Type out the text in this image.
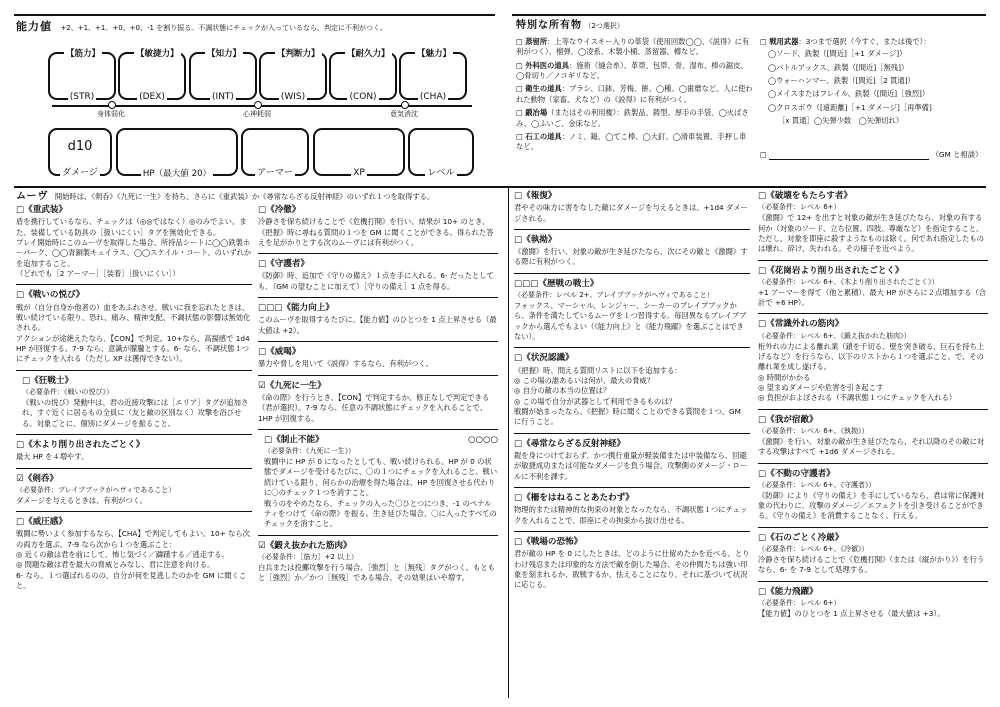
能力値 +2、+1、+1、+0、+0、-1 を割り振る。不調状態にチェックが入っているなら、判定に不利がつく。
【筋力】
(STR)
【敏捷力】
(DEX)
【知力】
(INT)
【判断力】
(WIS)
【耐久力】
(CON)
【魅力】
(CHA)
身体弱化	心神耗弱	意気消沈
d10
ダメージ	HP（最大値 20）	アーマー	XP	レベル
特別な所有物 （2つ選択）
□ 蒸留所：上等なウイスキー入りの革袋（使用回数◯◯、《説得》に有利がつく）、榴弾、◯凌系、木製小桶、蒸留器、樽など。
□ 外科医の道具：施術（縫合糸）、革帯、包帯、骨、湿布、棒の鋸皮、◯骨切り／ノコギリなど。
□ 衛生の道具：ブラシ、口鉢、芳梅、餅、◯種、◯歯磨など。人に使われた動物（家畜、犬など）の《説得》に有利がつく。
□ 鍛冶場（またはその利用権）：鉄製品、鋳型、厚手の手袋、◯火ばさみ、◯ふいご、金床など。
□ 石工の道具：ノミ、鎚、◯てこ棒、◯大釘、◯滑車装置、手押し車など。
□ 戦用武器：3つまで選択（今すぐ、または後で）：
◯ソード、鉄製（[間近]［+1 ダメージ]）
◯バトルアックス、鉄製（[間近]［無残]）
◯ウォーハンマー、鉄製（[間近]［2 貫通]）
◯メイスまたはフレイル、鉄製（[間近]［強烈]）
◯クロスボウ（[遠距離]［+1 ダメージ]［再準備]
［x 貫通］◯矢弾少数　◯矢弾切れ）
□	（GM と相談）
ムーヴ 開始時は、《剣呑》《九死に一生》を持ち、さらに《重武装》か《尋常ならざる反射神経》のいずれ１つを取得する。
□《重武装》
盾を携行しているなら、チェックは（◎◎ではなく）◎のみでよい。また、装備している防具の［扱いにくい］タグを無効化できる。
プレイ開始時にこのムーヴを取得した場合、所持品シートに◯◯鉄製ホーバーク、◯◯青銅製キュイラス、◯◯スケイル・コート、のいずれかを追加すること。
（どれでも［2 アーマー］［装着］［扱いにくい］）
□《戦いの悦び》
戦が（自分自身か他者の）血をあふれさせ、戦いに我を忘れたときは、戦い続けている限り、恐れ、痛み、精神支配、不調状態の影響は無効化される。
アクションが途絶えたなら、【CON】で判定。10+なら、高揚感で 1d4 HP が回復する。7-9 なら、意識が朦朧とする。6- なら、不調状態１つにチェックを入れる（ただし XP は獲得できない）。
□《狂戦士》
（必要条件：《戦いの悦び》）
《戦いの悦び》発動中は、君の近接攻撃には［エリア］タグが追加され、すぐ近くに居るもの全員に（友と敵の区別なく）攻撃を浴びせる。対象ごとに、個別にダメージを振ること。
□《木より削り出されたごとく》
最大 HP を４増やす。
☑《剣呑》
（必要条件：ブレイブブックがヘヴィであること）
ダメージを与えるときは、有利がつく。
□《威圧感》
戦闘に勢いよく参加するなら、【CHA】で判定してもよい。10+ なら次の両方を選ぶ。7-9 なら次から１つを選ぶこと：
◎ 近くの敵は君を前にして、怖じ気づく／躊躇する／逃走する。
◎ 問題な敵は君を最大の脅威とみなし、君に注意を向ける。
6- なら、１つ選ばれるのの、自分が何を見逃したのかを GM に聞くこと。
□《冷徹》
冷静さを保ち続けることで《危機打開》を行い、結果が 10+ のとき、《把握》時に尋ねる質問の１つを GM に聞くことができる。得られた答えを足がかりとする次のムーヴには有利がつく。
□《守護者》
《防御》時、追加で《守りの備え》１点を手に入れる。6- だったとしても、（GM の望むことに加えて）［守りの備え］1 点を得る。
□□□《能力向上》
このムーヴを取得するたびに、【能力値】のひとつを 1 点上昇させる（最大値は +2）。
□《威喝》
暴力や脅しを用いて《説得》するなら、有利がつく。
☑《九死に一生》
《命の際》を行うとき、【CON】で判定するか、修正なしで判定できる（君が選択）。7-9 なら、任意の不調状態にチェックを入れることで、1HP が回復する。
□《制止不能》	○○○○
（必要条件：《九死に一生》）
戦闘中に HP が 0 になったとしても、戦い続けられる。HP が 0 の状態でダメージを受けるたびに、〇の１つにチェックを入れること。戦い続けている限り、何らかの治療を得た場合は、HP を回復させる代わりに〇のチェック１つを消すこと。
戦うのをやめたなら、チェックの入った〇ひとつにつき、-1 のペナルティをつけて《命の際》を振る。生き延びた場合、〇に入ったすべてのチェックを消すこと。
☑《鍛え抜かれた筋肉》
（必要条件：［筋力］+2 以上）
白兵または投擲攻撃を行う場合、［強烈］と［無残］タグがつく。もともと［強烈］か／かつ［無残］である場合、その効果はいや増す。
□《報復》
君やその味方に害をなした敵にダメージを与えるときは、+1d4 ダメージされる。
□《執拗》
《激闘》を行い、対象の敵が生き延びたなら、次にその敵と《激闘》する際に有利がつく。
□□□《歴戦の戦士》
（必要条件：レベル 2+、ブレイブブックがヘヴィであること）
フォックス、マーシャル、レンジャー、シーカーのブレイブブックから、条件を満たしているムーヴを１つ習得する。毎回異なるブレイブブックから選んでもよい（《能力向上》と《能力飛躍》を選ぶことはできない）。
□《状況認識》
《把握》時、問える質問リストに以下を追加する：
◎ この場の誰あるいは何が、最大の脅威？
◎ 自分の敵の本当の位置は？
◎ この場で自分が武器として利用できるものは？
戦闘が始まったなら、《把握》時に聞くことのできる質問を１つ、GM に行うこと。
□《尋常ならざる反射神経》
鎧を身につけておらず、かつ携行重量が軽装備または中装備なら、回避が敏捷成功または可能なダメージを負う場合、攻撃側のダメージ・ロールに不利を課す。
□《柵をはねることあたわず》
物理的または精神的な拘束の対象となったなら、不調状態１つにチェックを入れることで、即座にその拘束から抜け出せる。
□《戦場の恐怖》
君が敵の HP を 0 にしたときは、どのように仕留めたかを近べる。とりわけ残忍または印象的な方法で敵を倒した場合、その仲間たちは強い印象を刻まれるか、敗戦するか、怯えることになり、それに基づいて状況に応じる。
□《破壊をもたらす者》
（必要条件：レベル 6+）
《激闘》で 12+ を出すと対象の敵が生き延びたなら、対象の有する何か（対象のソード、立ち位置、四肢、尊厳など）を指定すること。ただし、対象を即座に殺すようなものは除く。何であれ指定したものは壊れ、砕け、失われる。その様子を近べよう。
□《花崗岩より削り出されたごとく》
（必要条件：レベル 6+、《木より削り出されたごとく》）
+1 アーマーを得て（他と累積）、最大 HP がさらに２点増加する（合計で +6 HP）。
□《常識外れの筋肉》
（必要条件：レベル 6+、《鍛え抜かれた筋肉》）
桁外れの力による離れ業（鎖を千切る、壁を突き破る、巨石を持ち上げるなど）を行うなら、以下のリストから１つを選ぶこと。で、その離れ業を成し遂げる。
◎ 時間がかかる
◎ 望まぬダメージや危害を引き起こす
◎ 負担がおよぼされる（不調状態１つにチェックを入れる）
□《我が宿敵》
（必要条件：レベル 6+、《執拗》）
《激闘》を行い、対象の敵が生き延びたなら、それ以降のその敵に対する攻撃はすべて +1d6 ダメージされる。
□《不動の守護者》
（必要条件：レベル 6+、《守護者》）
《防御》により《守りの備え》を手にしているなら、君は常に保護対象の代わりに、攻撃のダメージ／エフェクトを引き受けることができる。《守りの備え》を消費することなく、行える。
□《石のごとく冷厳》
（必要条件：レベル 6+、《冷徹》）
冷静さを保ち続けることで《危機打開》（または《縦がかり》）を行うなら、6- を 7-9 として処理する。
□《能力飛躍》
（必要条件：レベル 6+）
【能力値】のひとつを 1 点上昇させる（最大値は +3）。
